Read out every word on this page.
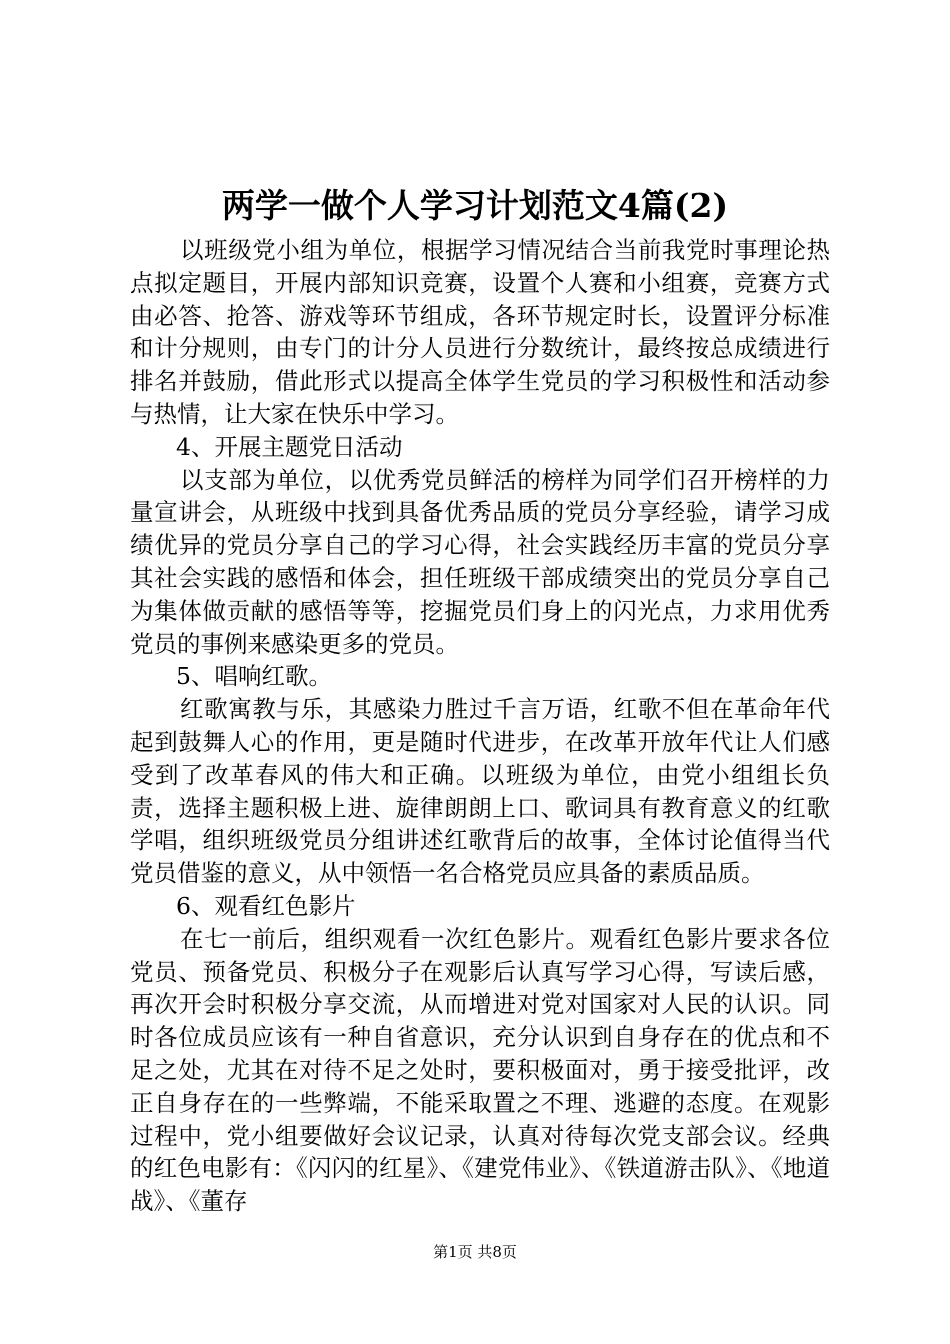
两学一做个人学习计划范文4篇(2)

以班级党小组为单位，根据学习情况结合当前我党时事理论热点拟定题目，开展内部知识竞赛，设置个人赛和小组赛，竞赛方式由必答、抢答、游戏等环节组成，各环节规定时长，设置评分标准和计分规则，由专门的计分人员进行分数统计，最终按总成绩进行排名并鼓励，借此形式以提高全体学生党员的学习积极性和活动参与热情，让大家在快乐中学习。

4、开展主题党日活动

以支部为单位，以优秀党员鲜活的榜样为同学们召开榜样的力量宣讲会，从班级中找到具备优秀品质的党员分享经验，请学习成绩优异的党员分享自己的学习心得，社会实践经历丰富的党员分享其社会实践的感悟和体会，担任班级干部成绩突出的党员分享自己为集体做贡献的感悟等等，挖掘党员们身上的闪光点，力求用优秀党员的事例来感染更多的党员。

5、唱响红歌。

红歌寓教与乐，其感染力胜过千言万语，红歌不但在革命年代起到鼓舞人心的作用，更是随时代进步，在改革开放年代让人们感受到了改革春风的伟大和正确。以班级为单位，由党小组组长负责，选择主题积极上进、旋律朗朗上口、歌词具有教育意义的红歌学唱，组织班级党员分组讲述红歌背后的故事，全体讨论值得当代党员借鉴的意义，从中领悟一名合格党员应具备的素质品质。

6、观看红色影片

在七一前后，组织观看一次红色影片。观看红色影片要求各位党员、预备党员、积极分子在观影后认真写学习心得，写读后感，再次开会时积极分享交流，从而增进对党对国家对人民的认识。同时各位成员应该有一种自省意识，充分认识到自身存在的优点和不足之处，尤其在对待不足之处时，要积极面对，勇于接受批评，改正自身存在的一些弊端，不能采取置之不理、逃避的态度。在观影过程中，党小组要做好会议记录，认真对待每次党支部会议。经典的红色电影有：《闪闪的红星》、《建党伟业》、《铁道游击队》、《地道战》、《董存

第1页 共8页
